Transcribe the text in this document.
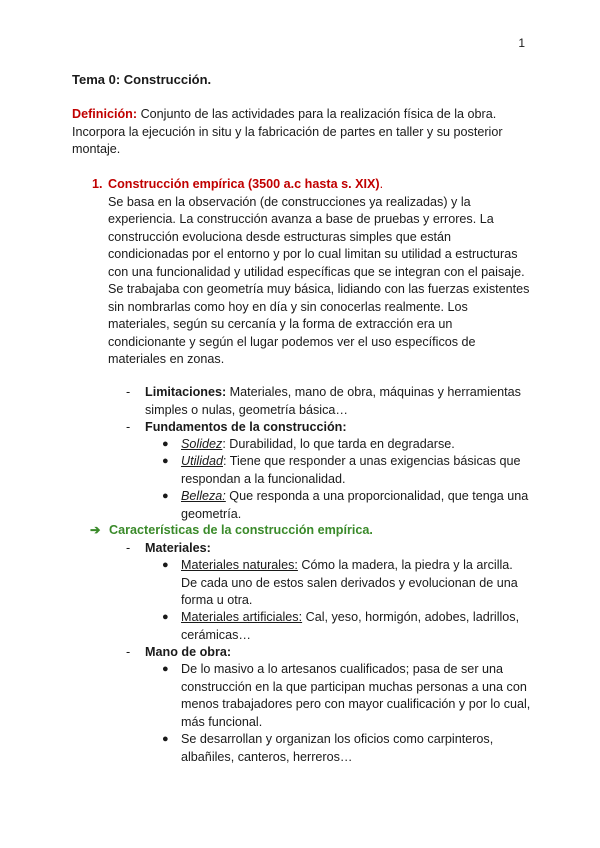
1
Tema 0: Construcción.
Definición: Conjunto de las actividades para la realización física de la obra. Incorpora la ejecución in situ y la fabricación de partes en taller y su posterior montaje.
1. Construcción empírica (3500 a.c hasta s. XIX).
Se basa en la observación (de construcciones ya realizadas) y la experiencia. La construcción avanza a base de pruebas y errores. La construcción evoluciona desde estructuras simples que están condicionadas por el entorno y por lo cual limitan su utilidad a estructuras con una funcionalidad y utilidad específicas que se integran con el paisaje.
Se trabajaba con geometría muy básica, lidiando con las fuerzas existentes sin nombrarlas como hoy en día y sin conocerlas realmente. Los materiales, según su cercanía y la forma de extracción era un condicionante y según el lugar podemos ver el uso específicos de materiales en zonas.
- Limitaciones: Materiales, mano de obra, máquinas y herramientas simples o nulas, geometría básica…
- Fundamentos de la construcción:
● Solidez: Durabilidad, lo que tarda en degradarse.
● Utilidad: Tiene que responder a unas exigencias básicas que respondan a la funcionalidad.
● Belleza: Que responda a una proporcionalidad, que tenga una geometría.
➔ Características de la construcción empírica.
- Materiales:
● Materiales naturales: Cómo la madera, la piedra y la arcilla. De cada uno de estos salen derivados y evolucionan de una forma u otra.
● Materiales artificiales: Cal, yeso, hormigón, adobes, ladrillos, cerámicas…
- Mano de obra:
● De lo masivo a lo artesanos cualificados; pasa de ser una construcción en la que participan muchas personas a una con menos trabajadores pero con mayor cualificación y por lo cual, más funcional.
● Se desarrollan y organizan los oficios como carpinteros, albañiles, canteros, herreros…
